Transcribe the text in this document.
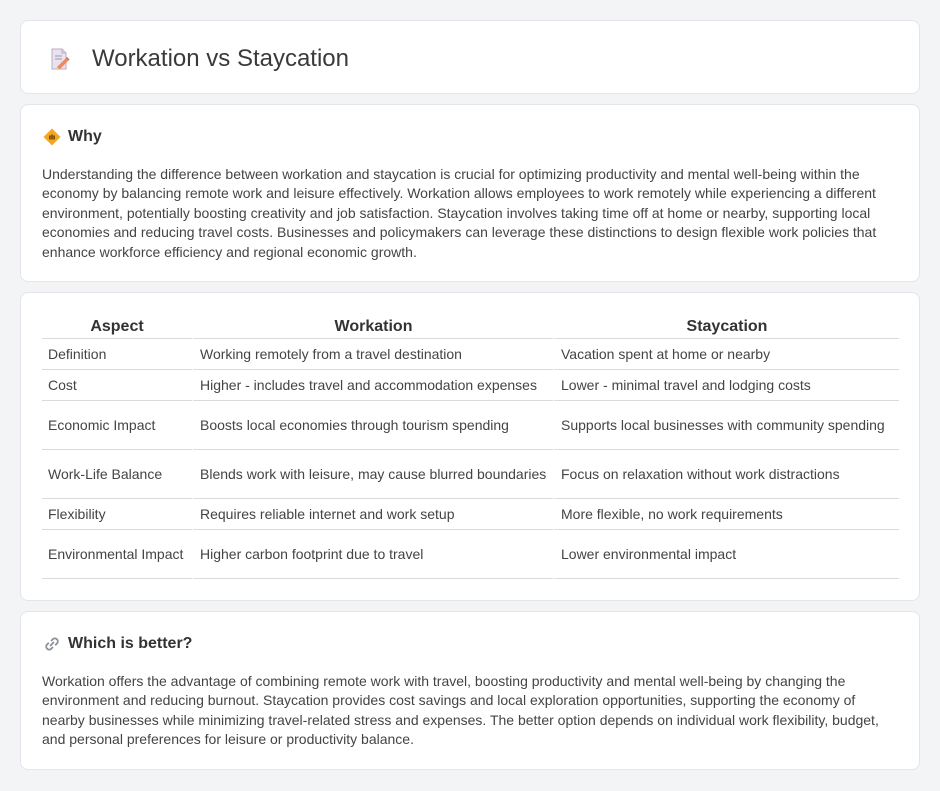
Workation vs Staycation
Why

Understanding the difference between workation and staycation is crucial for optimizing productivity and mental well-being within the economy by balancing remote work and leisure effectively. Workation allows employees to work remotely while experiencing a different environment, potentially boosting creativity and job satisfaction. Staycation involves taking time off at home or nearby, supporting local economies and reducing travel costs. Businesses and policymakers can leverage these distinctions to design flexible work policies that enhance workforce efficiency and regional economic growth.

Aspect	Workation	Staycation
Definition	Working remotely from a travel destination	Vacation spent at home or nearby
Cost	Higher - includes travel and accommodation expenses	Lower - minimal travel and lodging costs
Economic Impact	Boosts local economies through tourism spending	Supports local businesses with community spending
Work-Life Balance	Blends work with leisure, may cause blurred boundaries	Focus on relaxation without work distractions
Flexibility	Requires reliable internet and work setup	More flexible, no work requirements
Environmental Impact	Higher carbon footprint due to travel	Lower environmental impact
Which is better?

Workation offers the advantage of combining remote work with travel, boosting productivity and mental well-being by changing the environment and reducing burnout. Staycation provides cost savings and local exploration opportunities, supporting the economy of nearby businesses while minimizing travel-related stress and expenses. The better option depends on individual work flexibility, budget, and personal preferences for leisure or productivity balance.
